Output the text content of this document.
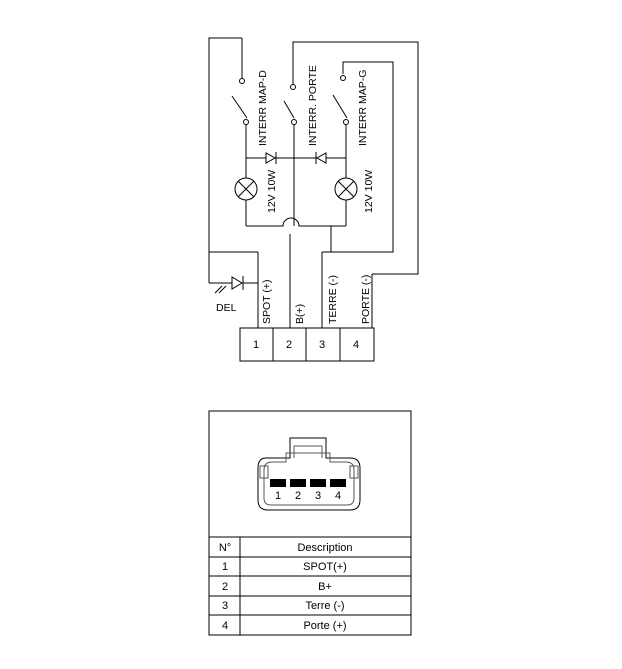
INTERR MAP-D	INTERR. PORTE	INTERR MAP-G
12V 10W	12V 10W
DEL SPOT (+) B(+) TERRE (-) PORTE (-)
1 2 3	4
1 2 3 4
N°	Description
1	SPOT(+)
2	B+
3	Terre (-)
4	Porte (+)
